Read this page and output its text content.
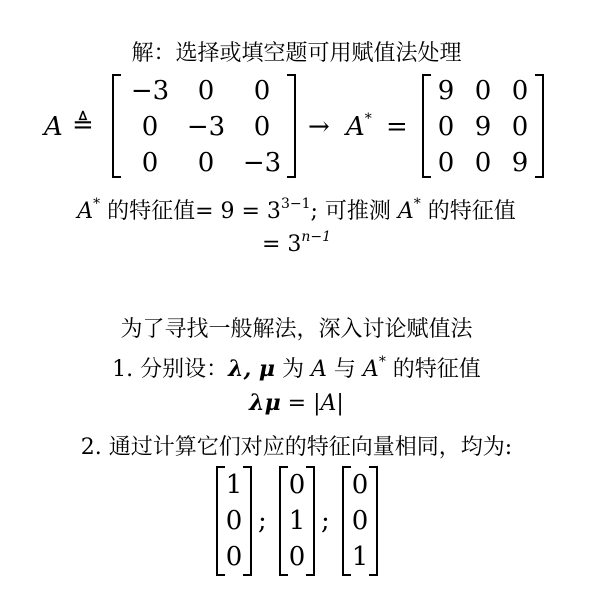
解：选择或填空题可用赋值法处理
A ≜
−3	0	0
0	−3	0
0	0	−3
→ A* =
9 0 0
0 9 0
0 0 9
A* 的特征值= $9 = 3^{3-1}$; 可推测 A* 的特征值
= $3^{n-1}$
为了寻找一般解法，深入讨论赋值法
1. 分别设：λ, μ 为 A 与 A* 的特征值
λμ = |A|
2. 通过计算它们对应的特征向量相同，均为:
1
0
0
;
0
1
0
;
0
0
1
